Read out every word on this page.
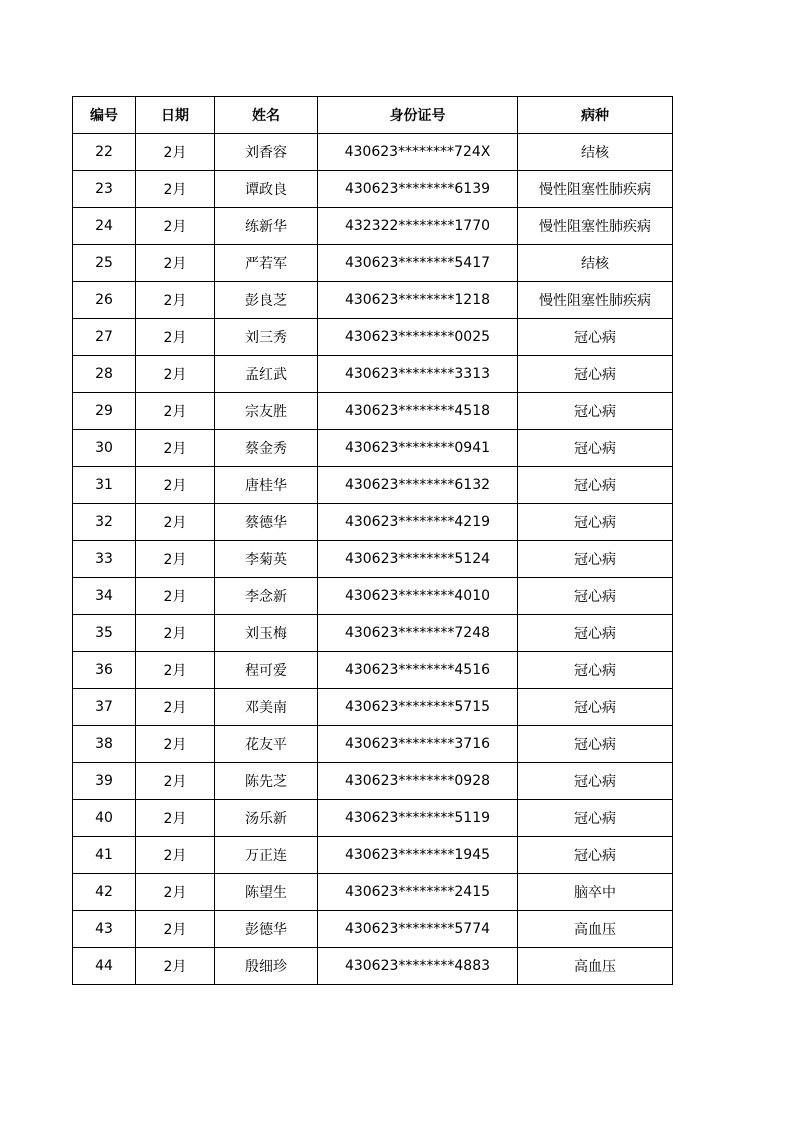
编号	日期	姓名	身份证号	病种
22	2月	刘香容	430623********724X	结核
23	2月	谭政良	430623********6139	慢性阻塞性肺疾病
24	2月	练新华	432322********1770	慢性阻塞性肺疾病
25	2月	严若军	430623********5417	结核
26	2月	彭良芝	430623********1218	慢性阻塞性肺疾病
27	2月	刘三秀	430623********0025	冠心病
28	2月	孟红武	430623********3313	冠心病
29	2月	宗友胜	430623********4518	冠心病
30	2月	蔡金秀	430623********0941	冠心病
31	2月	唐桂华	430623********6132	冠心病
32	2月	蔡德华	430623********4219	冠心病
33	2月	李菊英	430623********5124	冠心病
34	2月	李念新	430623********4010	冠心病
35	2月	刘玉梅	430623********7248	冠心病
36	2月	程可爱	430623********4516	冠心病
37	2月	邓美南	430623********5715	冠心病
38	2月	花友平	430623********3716	冠心病
39	2月	陈先芝	430623********0928	冠心病
40	2月	汤乐新	430623********5119	冠心病
41	2月	万正连	430623********1945	冠心病
42	2月	陈望生	430623********2415	脑卒中
43	2月	彭德华	430623********5774	高血压
44	2月	殷细珍	430623********4883	高血压
